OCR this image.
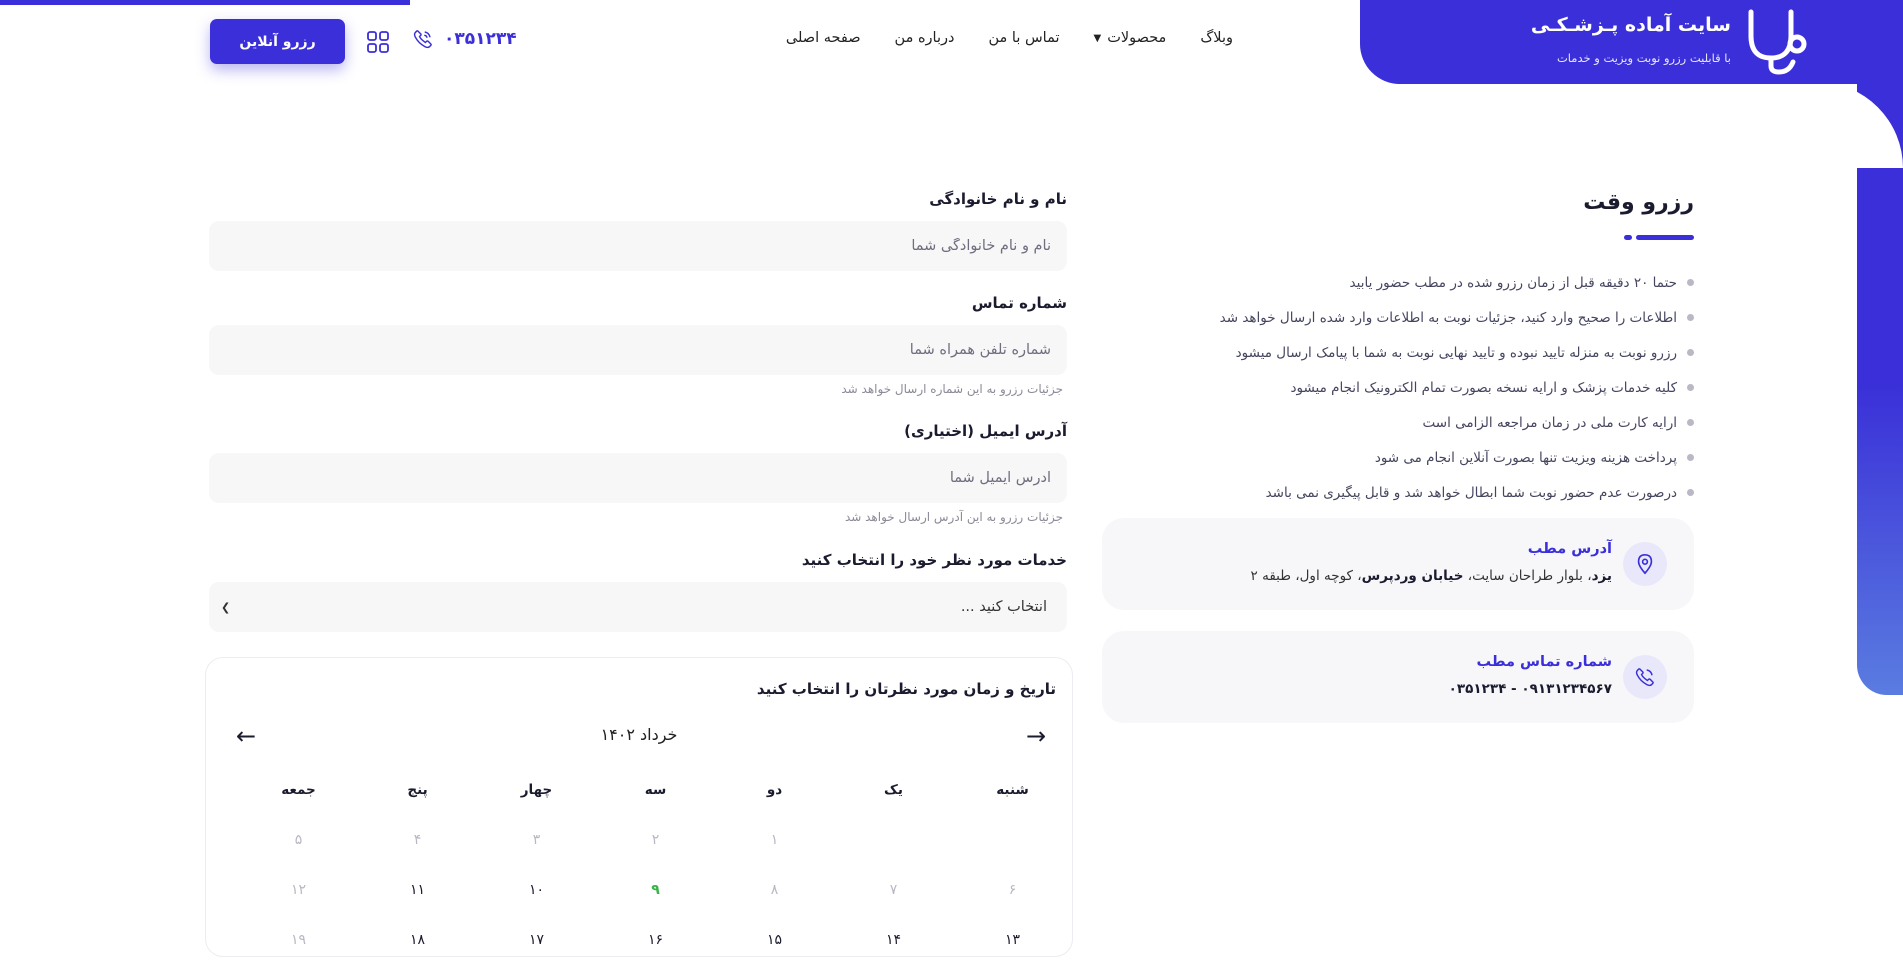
سایت آماده پـزشـکـی
با قابلیت رزرو نوبت ویزیت و خدمات
صفحه اصلی درباره من تماس با من	محصولات
▼	وبلاگ
۰۳۵۱۲۳۴
رزرو آنلاین
رزرو وقت
حتما ۲۰ دقیقه قبل از زمان رزرو شده در مطب حضور یابید
اطلاعات را صحیح وارد کنید، جزئیات نوبت به اطلاعات وارد شده ارسال خواهد شد
رزرو نوبت به منزله تایید نبوده و تایید نهایی نوبت به شما با پیامک ارسال میشود
کلیه خدمات پزشک و ارایه نسخه بصورت تمام الکترونیک انجام میشود
ارایه کارت ملی در زمان مراجعه الزامی است
پرداخت هزینه ویزیت تنها بصورت آنلاین انجام می شود
درصورت عدم حضور نوبت شما ابطال خواهد شد و قابل پیگیری نمی باشد
آدرس مطب
یزد، بلوار طراحان سایت، خیابان وردپرس، کوچه اول، طبقه ۲
شماره تماس مطب
۰۹۱۳۱۲۳۴۵۶۷ - ۰۳۵۱۲۳۴
نام و نام خانوادگی
نام و نام خانوادگی شما
شماره تماس
شماره تلفن همراه شما
جزئیات رزرو به این شماره ارسال خواهد شد
آدرس ایمیل (اختیاری)
آدرس ایمیل شما
جزئیات رزرو به این آدرس ارسال خواهد شد
خدمات مورد نظر خود را انتخاب کنید
انتخاب کنید ...
❯
تاریخ و زمان مورد نظرتان را انتخاب کنید
→
خرداد ۱۴۰۲
←
شنبه
یک
دو
سه
چهار
پنج
جمعه
۱
۲
۳
۴
۵
۶
۷
۸
۹
۱۰
۱۱
۱۲
۱۳
۱۴
۱۵
۱۶
۱۷
۱۸
۱۹
